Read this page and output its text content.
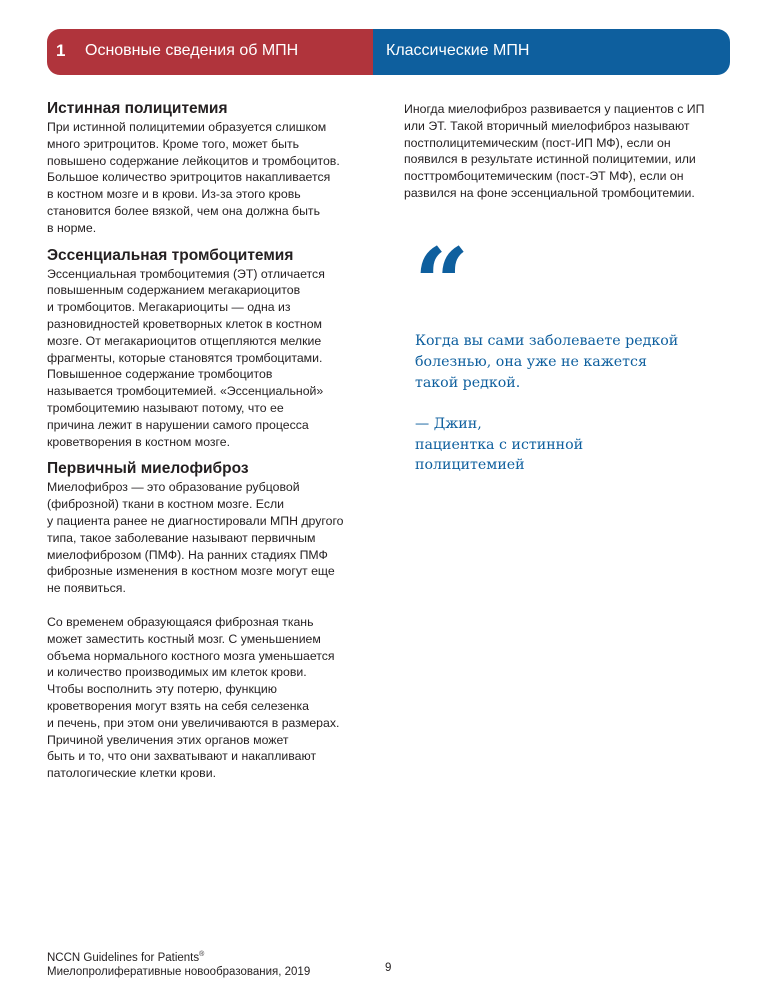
1 Основные сведения об МПН	Классические МПН
Истинная полицитемия

При истинной полицитемии образуется слишком
много эритроцитов. Кроме того, может быть
повышено содержание лейкоцитов и тромбоцитов.
Большое количество эритроцитов накапливается
в костном мозге и в крови. Из-за этого кровь
становится более вязкой, чем она должна быть
в норме.

Эссенциальная тромбоцитемия

Эссенциальная тромбоцитемия (ЭТ) отличается
повышенным содержанием мегакариоцитов
и тромбоцитов. Мегакариоциты — одна из
разновидностей кроветворных клеток в костном
мозге. От мегакариоцитов отщепляются мелкие
фрагменты, которые становятся тромбоцитами.
Повышенное содержание тромбоцитов
называется тромбоцитемией. «Эссенциальной»
тромбоцитемию называют потому, что ее
причина лежит в нарушении самого процесса
кроветворения в костном мозге.

Первичный миелофиброз

Миелофиброз — это образование рубцовой
(фиброзной) ткани в костном мозге. Если
у пациента ранее не диагностировали МПН другого
типа, такое заболевание называют первичным
миелофиброзом (ПМФ). На ранних стадиях ПМФ
фиброзные изменения в костном мозге могут еще
не появиться.

Со временем образующаяся фиброзная ткань
может заместить костный мозг. С уменьшением
объема нормального костного мозга уменьшается
и количество производимых им клеток крови.
Чтобы восполнить эту потерю, функцию
кроветворения могут взять на себя селезенка
и печень, при этом они увеличиваются в размерах.
Причиной увеличения этих органов может
быть и то, что они захватывают и накапливают
патологические клетки крови.

Иногда миелофиброз развивается у пациентов с ИП
или ЭТ. Такой вторичный миелофиброз называют
постполицитемическим (пост-ИП МФ), если он
появился в результате истинной полицитемии, или
посттромбоцитемическим (пост-ЭТ МФ), если он
развился на фоне эссенциальной тромбоцитемии.

“
Когда вы сами заболеваете редкой
болезнью, она уже не кажется
такой редкой.
— Джин,
пациентка с истинной
полицитемией
NCCN Guidelines for Patients®
Миелопролиферативные новообразования, 2019	9
